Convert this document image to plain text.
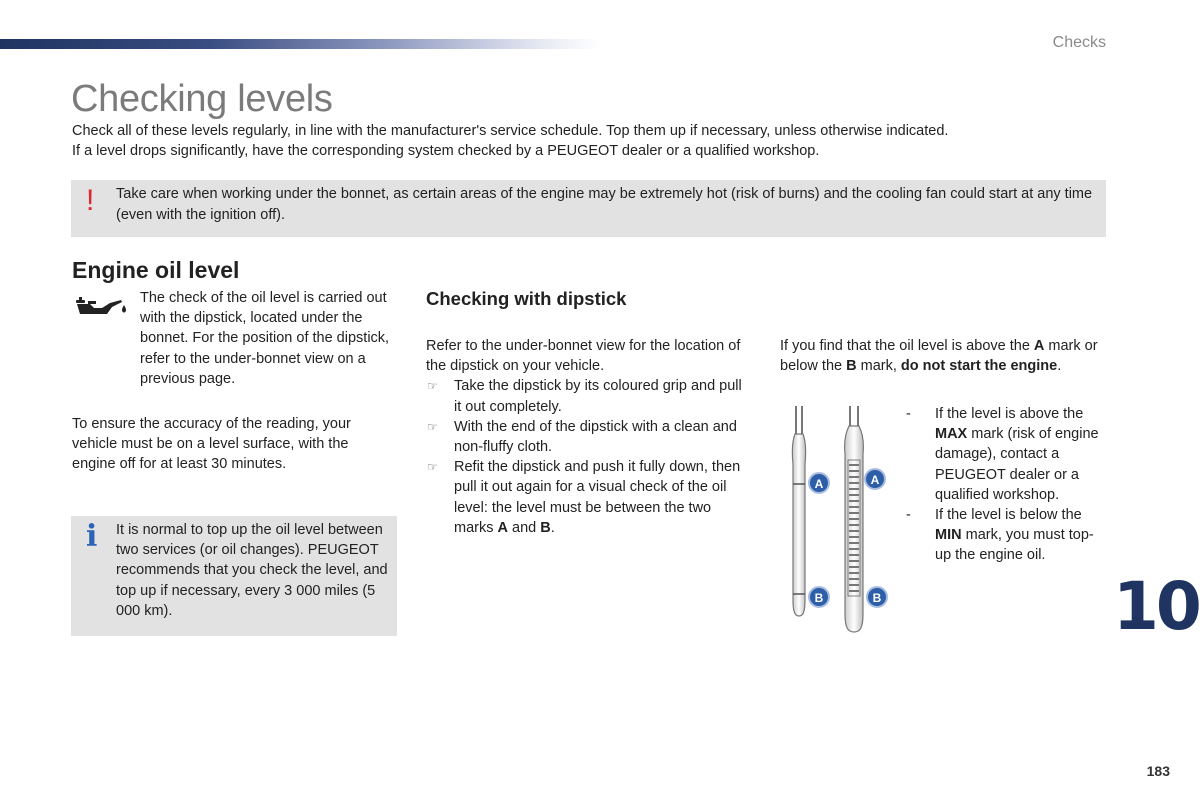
Checks
Checking levels

Check all of these levels regularly, in line with the manufacturer's service schedule. Top them up if necessary, unless otherwise indicated.

If a level drops significantly, have the corresponding system checked by a PEUGEOT dealer or a qualified workshop.

! Take care when working under the bonnet, as certain areas of the engine may be extremely hot (risk of burns) and the cooling fan could start at any time (even with the ignition off).
Engine oil level
The check of the oil level is carried out with the dipstick, located under the bonnet. For the position of the dipstick, refer to the under-bonnet view on a previous page.
To ensure the accuracy of the reading, your vehicle must be on a level surface, with the engine off for at least 30 minutes.
i It is normal to top up the oil level between two services (or oil changes). PEUGEOT recommends that you check the level, and top up if necessary, every 3 000 miles (5 000 km).
Checking with dipstick

Refer to the under-bonnet view for the location of the dipstick on your vehicle.

☞ Take the dipstick by its coloured grip and pull it out completely.
☞ With the end of the dipstick with a clean and non-fluffy cloth.
☞ Refit the dipstick and push it fully down, then pull it out again for a visual check of the oil level: the level must be between the two marks A and B.
If you find that the oil level is above the A mark or below the B mark, do not start the engine.
A	A
B	B
- If the level is above the MAX mark (risk of engine damage), contact a PEUGEOT dealer or a qualified workshop.
- If the level is below the MIN mark, you must top-up the engine oil.
10
183
